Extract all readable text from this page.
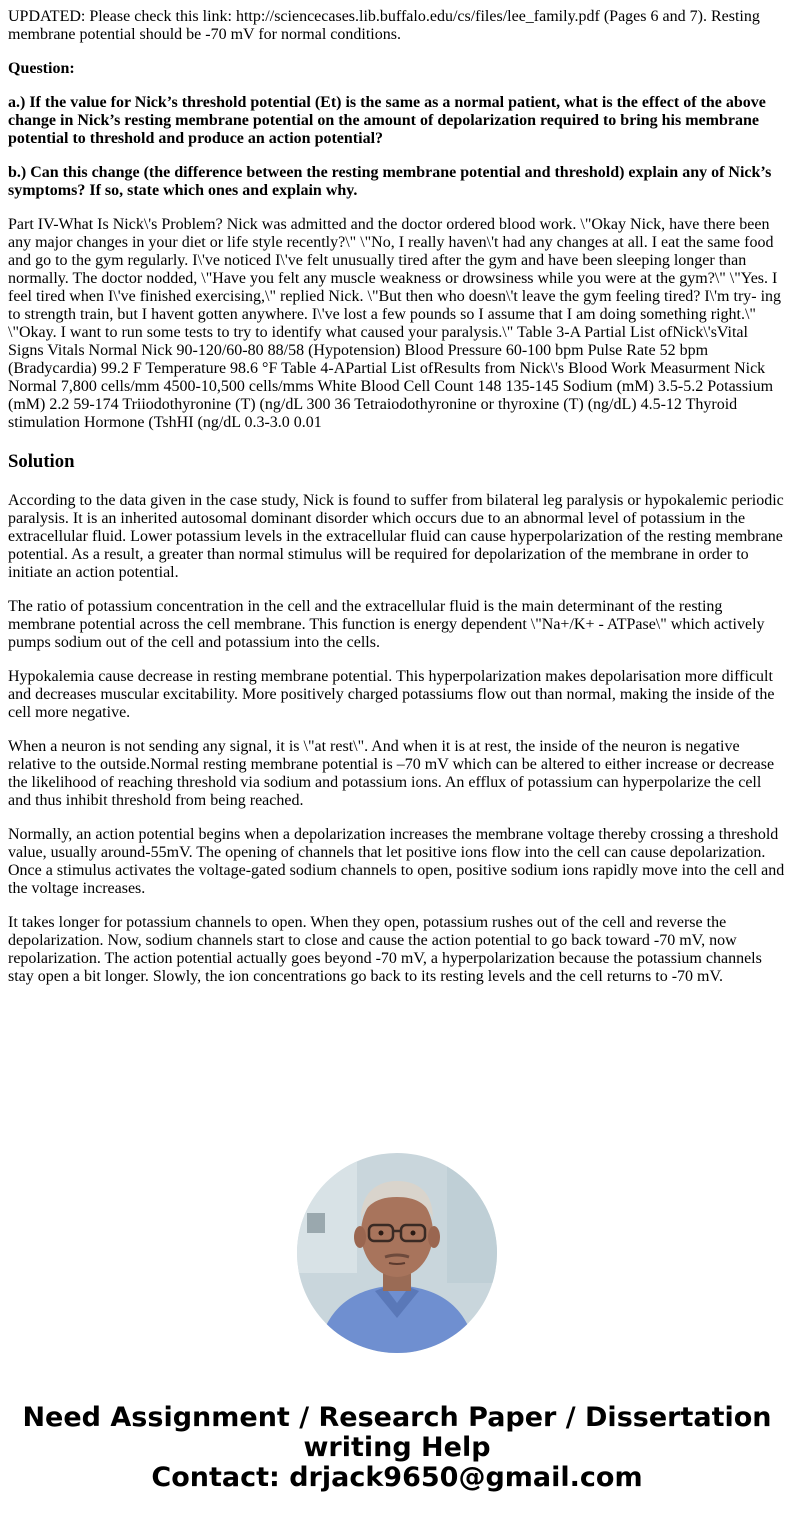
UPDATED: Please check this link: http://sciencecases.lib.buffalo.edu/cs/files/lee_family.pdf (Pages 6 and 7). Resting membrane potential should be -70 mV for normal conditions.

Question:

a.) If the value for Nick’s threshold potential (Et) is the same as a normal patient, what is the effect of the above change in Nick’s resting membrane potential on the amount of depolarization required to bring his membrane potential to threshold and produce an action potential?

b.) Can this change (the difference between the resting membrane potential and threshold) explain any of Nick’s symptoms? If so, state which ones and explain why.

Part IV-What Is Nick\'s Problem? Nick was admitted and the doctor ordered blood work. \"Okay Nick, have there been any major changes in your diet or life style recently?\" \"No, I really haven\'t had any changes at all. I eat the same food and go to the gym regularly. I\'ve noticed I\'ve felt unusually tired after the gym and have been sleeping longer than normally. The doctor nodded, \"Have you felt any muscle weakness or drowsiness while you were at the gym?\" \"Yes. I feel tired when I\'ve finished exercising,\" replied Nick. \"But then who doesn\'t leave the gym feeling tired? I\'m try- ing to strength train, but I havent gotten anywhere. I\'ve lost a few pounds so I assume that I am doing something right.\" \"Okay. I want to run some tests to try to identify what caused your paralysis.\" Table 3-A Partial List ofNick\'sVital Signs Vitals Normal Nick 90-120/60-80 88/58 (Hypotension) Blood Pressure 60-100 bpm Pulse Rate 52 bpm (Bradycardia) 99.2 F Temperature 98.6 °F Table 4-APartial List ofResults from Nick\'s Blood Work Measurment Nick Normal 7,800 cells/mm 4500-10,500 cells/mms White Blood Cell Count 148 135-145 Sodium (mM) 3.5-5.2 Potassium (mM) 2.2 59-174 Triiodothyronine (T) (ng/dL 300 36 Tetraiodothyronine or thyroxine (T) (ng/dL) 4.5-12 Thyroid stimulation Hormone (TshHI (ng/dL 0.3-3.0 0.01

Solution

According to the data given in the case study, Nick is found to suffer from bilateral leg paralysis or hypokalemic periodic paralysis. It is an inherited autosomal dominant disorder which occurs due to an abnormal level of potassium in the extracellular fluid. Lower potassium levels in the extracellular fluid can cause hyperpolarization of the resting membrane potential. As a result, a greater than normal stimulus will be required for depolarization of the membrane in order to initiate an action potential.

The ratio of potassium concentration in the cell and the extracellular fluid is the main determinant of the resting membrane potential across the cell membrane. This function is energy dependent \"Na+/K+ - ATPase\" which actively pumps sodium out of the cell and potassium into the cells.

Hypokalemia cause decrease in resting membrane potential. This hyperpolarization makes depolarisation more difficult and decreases muscular excitability. More positively charged potassiums flow out than normal, making the inside of the cell more negative.

When a neuron is not sending any signal, it is \"at rest\". And when it is at rest, the inside of the neuron is negative relative to the outside.Normal resting membrane potential is –70 mV which can be altered to either increase or decrease the likelihood of reaching threshold via sodium and potassium ions. An efflux of potassium can hyperpolarize the cell and thus inhibit threshold from being reached.

Normally, an action potential begins when a depolarization increases the membrane voltage thereby crossing a threshold value, usually around-55mV. The opening of channels that let positive ions flow into the cell can cause depolarization. Once a stimulus activates the voltage-gated sodium channels to open, positive sodium ions rapidly move into the cell and the voltage increases.

It takes longer for potassium channels to open. When they open, potassium rushes out of the cell and reverse the depolarization. Now, sodium channels start to close and cause the action potential to go back toward -70 mV, now repolarization. The action potential actually goes beyond -70 mV, a hyperpolarization because the potassium channels stay open a bit longer. Slowly, the ion concentrations go back to its resting levels and the cell returns to -70 mV.

Need Assignment / Research Paper / Dissertation
writing Help
Contact: drjack9650@gmail.com
